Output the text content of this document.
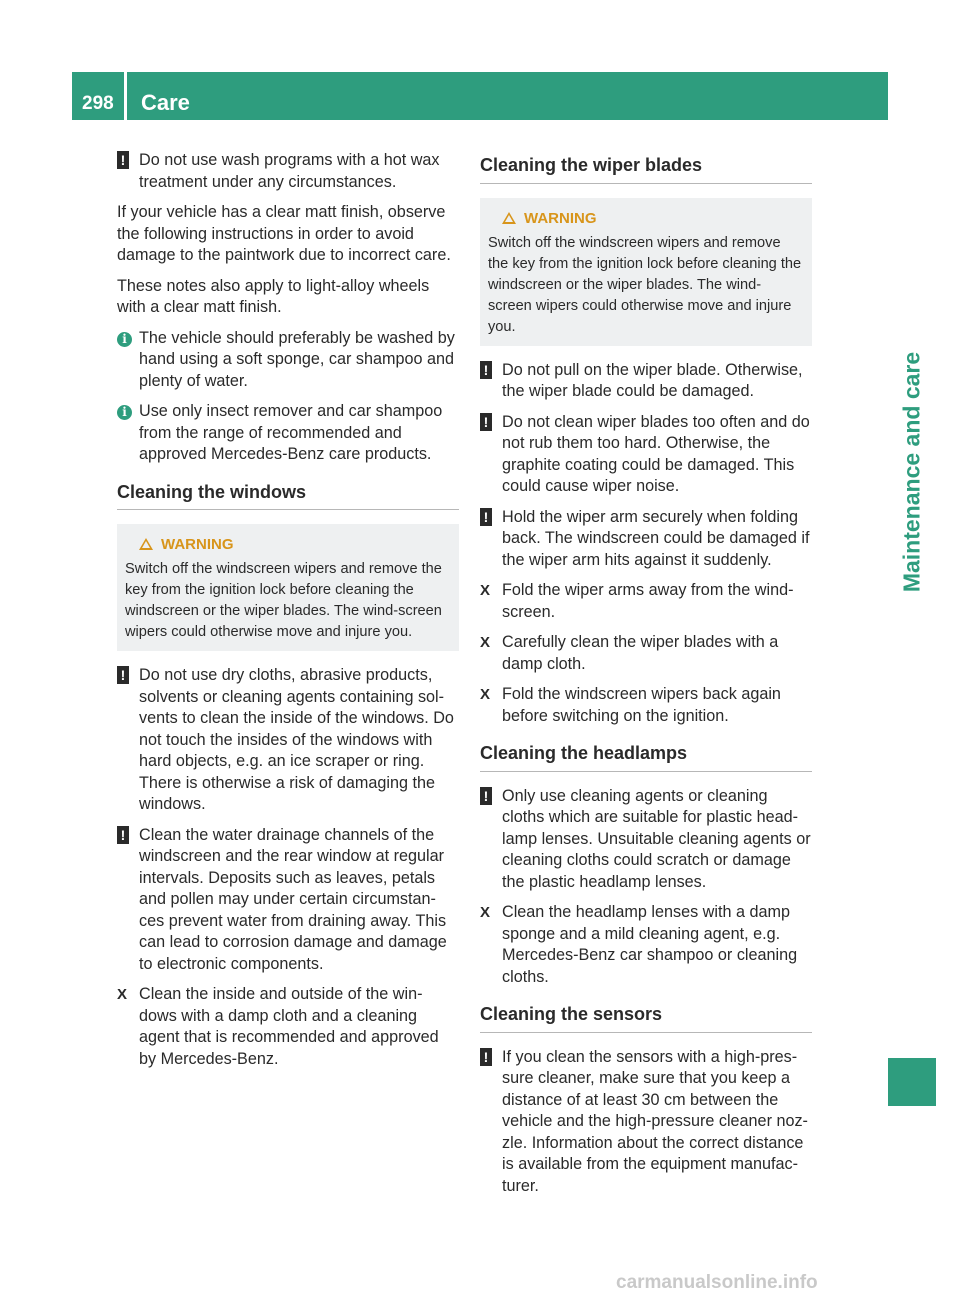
298 Care
Maintenance and care
! Do not use wash programs with a hot wax treatment under any circumstances.

If your vehicle has a clear matt finish, observe the following instructions in order to avoid damage to the paintwork due to incorrect care.

These notes also apply to light-alloy wheels with a clear matt finish.

i The vehicle should preferably be washed by hand using a soft sponge, car shampoo and plenty of water.
i Use only insect remover and car shampoo from the range of recommended and approved Mercedes-Benz care products.
Cleaning the windows
WARNING
Switch off the windscreen wipers and remove the key from the ignition lock before cleaning the windscreen or the wiper blades. The wind-screen wipers could otherwise move and injure you.
! Do not use dry cloths, abrasive products, solvents or cleaning agents containing sol-vents to clean the inside of the windows. Do not touch the insides of the windows with hard objects, e.g. an ice scraper or ring. There is otherwise a risk of damaging the windows.
! Clean the water drainage channels of the windscreen and the rear window at regular intervals. Deposits such as leaves, petals and pollen may under certain circumstan-ces prevent water from draining away. This can lead to corrosion damage and damage to electronic components.
X Clean the inside and outside of the win-dows with a damp cloth and a cleaning agent that is recommended and approved by Mercedes-Benz.
Cleaning the wiper blades
WARNING
Switch off the windscreen wipers and remove the key from the ignition lock before cleaning the windscreen or the wiper blades. The wind-screen wipers could otherwise move and injure you.
! Do not pull on the wiper blade. Otherwise, the wiper blade could be damaged.
! Do not clean wiper blades too often and do not rub them too hard. Otherwise, the graphite coating could be damaged. This could cause wiper noise.
! Hold the wiper arm securely when folding back. The windscreen could be damaged if the wiper arm hits against it suddenly.
X Fold the wiper arms away from the wind-screen.
X Carefully clean the wiper blades with a damp cloth.
X Fold the windscreen wipers back again before switching on the ignition.
Cleaning the headlamps
! Only use cleaning agents or cleaning cloths which are suitable for plastic head-lamp lenses. Unsuitable cleaning agents or cleaning cloths could scratch or damage the plastic headlamp lenses.
X Clean the headlamp lenses with a damp sponge and a mild cleaning agent, e.g. Mercedes-Benz car shampoo or cleaning cloths.
Cleaning the sensors
! If you clean the sensors with a high-pres-sure cleaner, make sure that you keep a distance of at least 30 cm between the vehicle and the high-pressure cleaner noz-zle. Information about the correct distance is available from the equipment manufac-turer.
carmanualsonline.info
